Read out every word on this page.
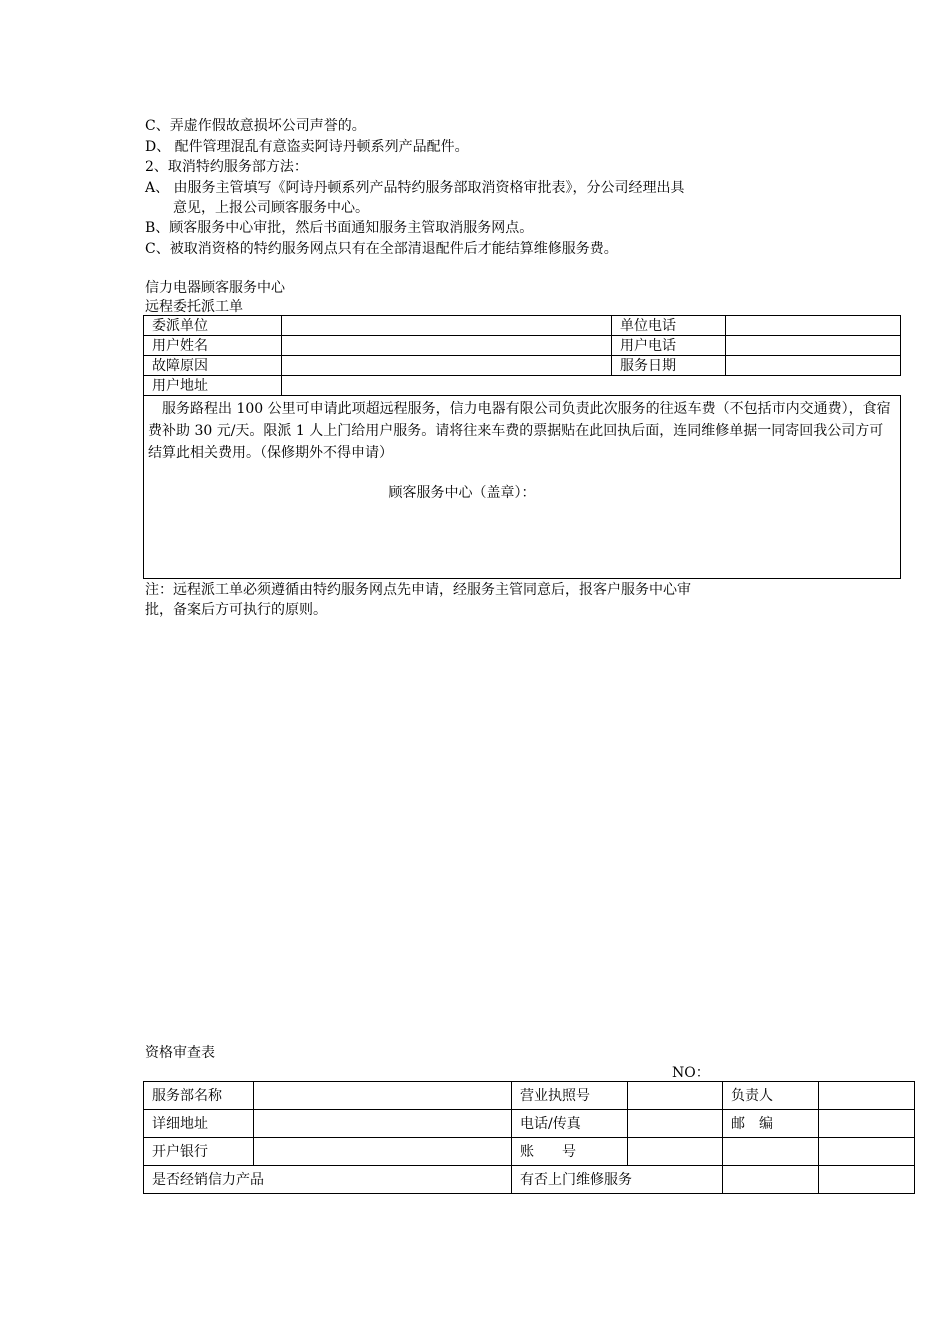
C、弄虚作假故意损坏公司声誉的。
D、 配件管理混乱有意盗卖阿诗丹顿系列产品配件。
2、取消特约服务部方法：
A、 由服务主管填写《阿诗丹顿系列产品特约服务部取消资格审批表》，分公司经理出具
意见，上报公司顾客服务中心。
B、顾客服务中心审批，然后书面通知服务主管取消服务网点。
C、被取消资格的特约服务网点只有在全部清退配件后才能结算维修服务费。
信力电器顾客服务中心
远程委托派工单
委派单位		单位电话	
用户姓名		用户电话	
故障原因		服务日期	
用户地址			

服务路程出 100 公里可申请此项超远程服务，信力电器有限公司负责此次服务的往返车费（不包括市内交通费），食宿费补助 30 元/天。限派 1 人上门给用户服务。请将往来车费的票据贴在此回执后面，连同维修单据一同寄回我公司方可结算此相关费用。（保修期外不得申请）
顾客服务中心（盖章）：			
注：远程派工单必须遵循由特约服务网点先申请，经服务主管同意后，报客户服务中心审
批，备案后方可执行的原则。
资格审查表
NO：
服务部名称		营业执照号		负责人	
详细地址		电话/传真		邮　编	
开户银行		账　　号			
是否经销信力产品		有否上门维修服务			
